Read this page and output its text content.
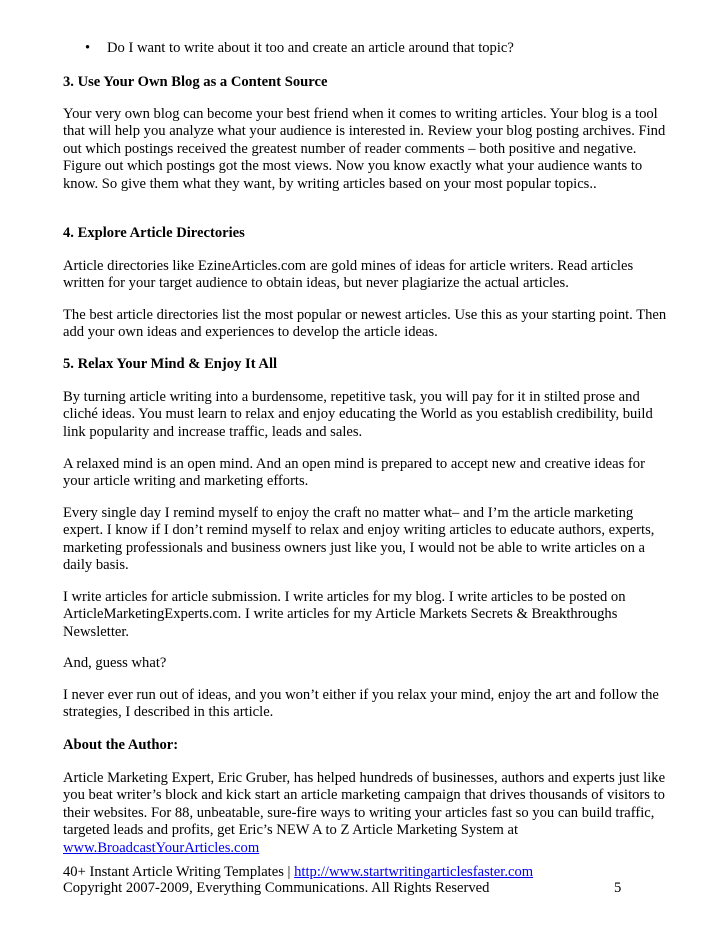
• Do I want to write about it too and create an article around that topic?
3. Use Your Own Blog as a Content Source
Your very own blog can become your best friend when it comes to writing articles. Your blog is a tool
that will help you analyze what your audience is interested in. Review your blog posting archives. Find
out which postings received the greatest number of reader comments – both positive and negative.
Figure out which postings got the most views. Now you know exactly what your audience wants to
know. So give them what they want, by writing articles based on your most popular topics..
4. Explore Article Directories
Article directories like EzineArticles.com are gold mines of ideas for article writers. Read articles
written for your target audience to obtain ideas, but never plagiarize the actual articles.
The best article directories list the most popular or newest articles. Use this as your starting point. Then
add your own ideas and experiences to develop the article ideas.
5. Relax Your Mind & Enjoy It All
By turning article writing into a burdensome, repetitive task, you will pay for it in stilted prose and
cliché ideas. You must learn to relax and enjoy educating the World as you establish credibility, build
link popularity and increase traffic, leads and sales.
A relaxed mind is an open mind. And an open mind is prepared to accept new and creative ideas for
your article writing and marketing efforts.
Every single day I remind myself to enjoy the craft no matter what– and I’m the article marketing
expert. I know if I don’t remind myself to relax and enjoy writing articles to educate authors, experts,
marketing professionals and business owners just like you, I would not be able to write articles on a
daily basis.
I write articles for article submission. I write articles for my blog. I write articles to be posted on
ArticleMarketingExperts.com. I write articles for my Article Markets Secrets & Breakthroughs
Newsletter.
And, guess what?
I never ever run out of ideas, and you won’t either if you relax your mind, enjoy the art and follow the
strategies, I described in this article.
About the Author:
Article Marketing Expert, Eric Gruber, has helped hundreds of businesses, authors and experts just like
you beat writer’s block and kick start an article marketing campaign that drives thousands of visitors to
their websites. For 88, unbeatable, sure-fire ways to writing your articles fast so you can build traffic,
targeted leads and profits, get Eric’s NEW A to Z Article Marketing System at
www.BroadcastYourArticles.com
40+ Instant Article Writing Templates | http://www.startwritingarticlesfaster.com
Copyright 2007-2009, Everything Communications. All Rights Reserved	5
